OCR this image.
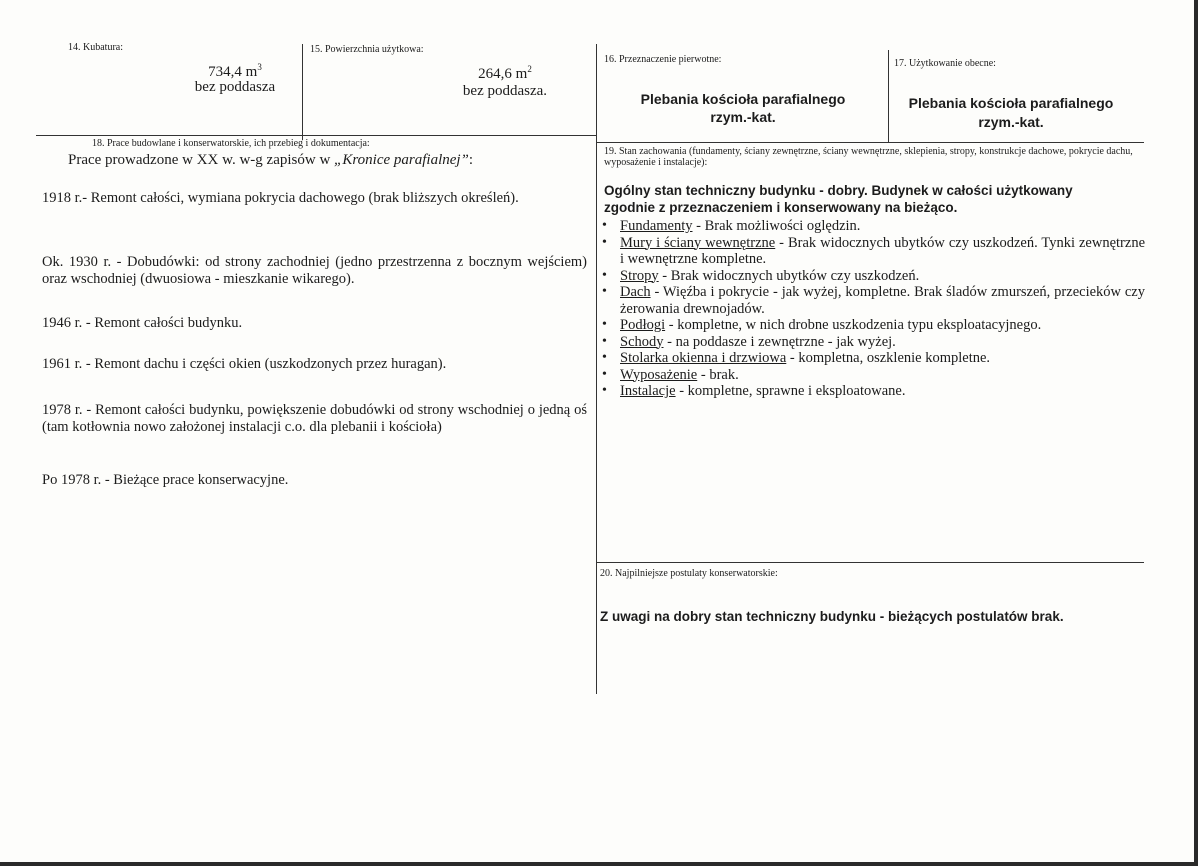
14. Kubatura:
734,4 $m^3$
bez poddasza
15. Powierzchnia użytkowa:
264,6 $m^2$
bez poddasza.
16. Przeznaczenie pierwotne:
Plebania kościoła parafialnego
rzym.-kat.
17. Użytkowanie obecne:
Plebania kościoła parafialnego
rzym.-kat.
18. Prace budowlane i konserwatorskie, ich przebieg i dokumentacja:
Prace prowadzone w XX w. w-g zapisów w „Kronice parafialnej”:

1918 r.- Remont całości, wymiana pokrycia dachowego (brak bliższych określeń).

Ok. 1930 r. - Dobudówki: od strony zachodniej (jedno przestrzenna z bocznym wejściem) oraz wschodniej (dwuosiowa - mieszkanie wikarego).

1946 r. - Remont całości budynku.

1961 r. - Remont dachu i części okien (uszkodzonych przez huragan).

1978 r. - Remont całości budynku, powiększenie dobudówki od strony wschodniej o jedną oś (tam kotłownia nowo założonej instalacji c.o. dla plebanii i kościoła)

Po 1978 r. - Bieżące prace konserwacyjne.

19. Stan zachowania (fundamenty, ściany zewnętrzne, ściany wewnętrzne, sklepienia, stropy, konstrukcje dachowe, pokrycie dachu, wyposażenie i instalacje):
Ogólny stan techniczny budynku - dobry. Budynek w całości użytkowany zgodnie z przeznaczeniem i konserwowany na bieżąco.
• Fundamenty - Brak możliwości oględzin.
• Mury i ściany wewnętrzne - Brak widocznych ubytków czy uszkodzeń. Tynki zewnętrzne i wewnętrzne kompletne.
• Stropy - Brak widocznych ubytków czy uszkodzeń.
• Dach - Więźba i pokrycie - jak wyżej, kompletne. Brak śladów zmurszeń, przecieków czy żerowania drewnojadów.
• Podłogi - kompletne, w nich drobne uszkodzenia typu eksploatacyjnego.
• Schody - na poddasze i zewnętrzne - jak wyżej.
• Stolarka okienna i drzwiowa - kompletna, oszklenie kompletne.
• Wyposażenie - brak.
• Instalacje - kompletne, sprawne i eksploatowane.
20. Najpilniejsze postulaty konserwatorskie:
Z uwagi na dobry stan techniczny budynku - bieżących postulatów brak.
